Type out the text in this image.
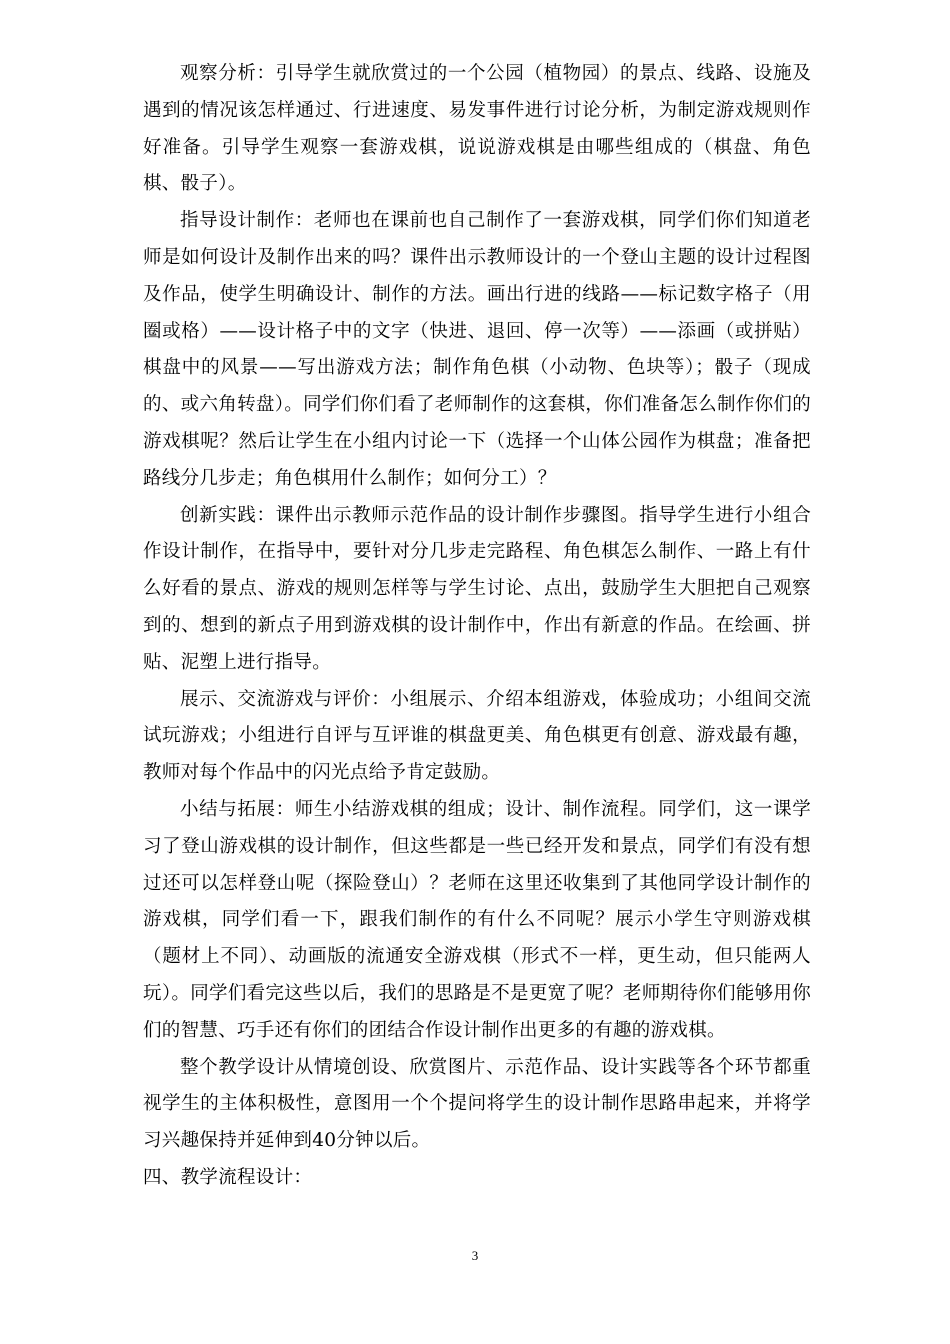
观察分析：引导学生就欣赏过的一个公园（植物园）的景点、线路、设施及遇到的情况该怎样通过、行进速度、易发事件进行讨论分析，为制定游戏规则作好准备。引导学生观察一套游戏棋，说说游戏棋是由哪些组成的（棋盘、角色棋、骰子）。

指导设计制作：老师也在课前也自己制作了一套游戏棋，同学们你们知道老师是如何设计及制作出来的吗？课件出示教师设计的一个登山主题的设计过程图及作品，使学生明确设计、制作的方法。画出行进的线路——标记数字格子（用圈或格）——设计格子中的文字（快进、退回、停一次等）——添画（或拼贴）棋盘中的风景——写出游戏方法；制作角色棋（小动物、色块等）；骰子（现成的、或六角转盘）。同学们你们看了老师制作的这套棋，你们准备怎么制作你们的游戏棋呢？然后让学生在小组内讨论一下（选择一个山体公园作为棋盘；准备把路线分几步走；角色棋用什么制作；如何分工）？

创新实践：课件出示教师示范作品的设计制作步骤图。指导学生进行小组合作设计制作，在指导中，要针对分几步走完路程、角色棋怎么制作、一路上有什么好看的景点、游戏的规则怎样等与学生讨论、点出，鼓励学生大胆把自己观察到的、想到的新点子用到游戏棋的设计制作中，作出有新意的作品。在绘画、拼贴、泥塑上进行指导。

展示、交流游戏与评价：小组展示、介绍本组游戏，体验成功；小组间交流试玩游戏；小组进行自评与互评谁的棋盘更美、角色棋更有创意、游戏最有趣，教师对每个作品中的闪光点给予肯定鼓励。

小结与拓展：师生小结游戏棋的组成；设计、制作流程。同学们，这一课学习了登山游戏棋的设计制作，但这些都是一些已经开发和景点，同学们有没有想过还可以怎样登山呢（探险登山）？老师在这里还收集到了其他同学设计制作的游戏棋，同学们看一下，跟我们制作的有什么不同呢？展示小学生守则游戏棋（题材上不同）、动画版的流通安全游戏棋（形式不一样，更生动，但只能两人玩）。同学们看完这些以后，我们的思路是不是更宽了呢？老师期待你们能够用你们的智慧、巧手还有你们的团结合作设计制作出更多的有趣的游戏棋。

整个教学设计从情境创设、欣赏图片、示范作品、设计实践等各个环节都重视学生的主体积极性，意图用一个个提问将学生的设计制作思路串起来，并将学习兴趣保持并延伸到40分钟以后。

四、教学流程设计：

3
